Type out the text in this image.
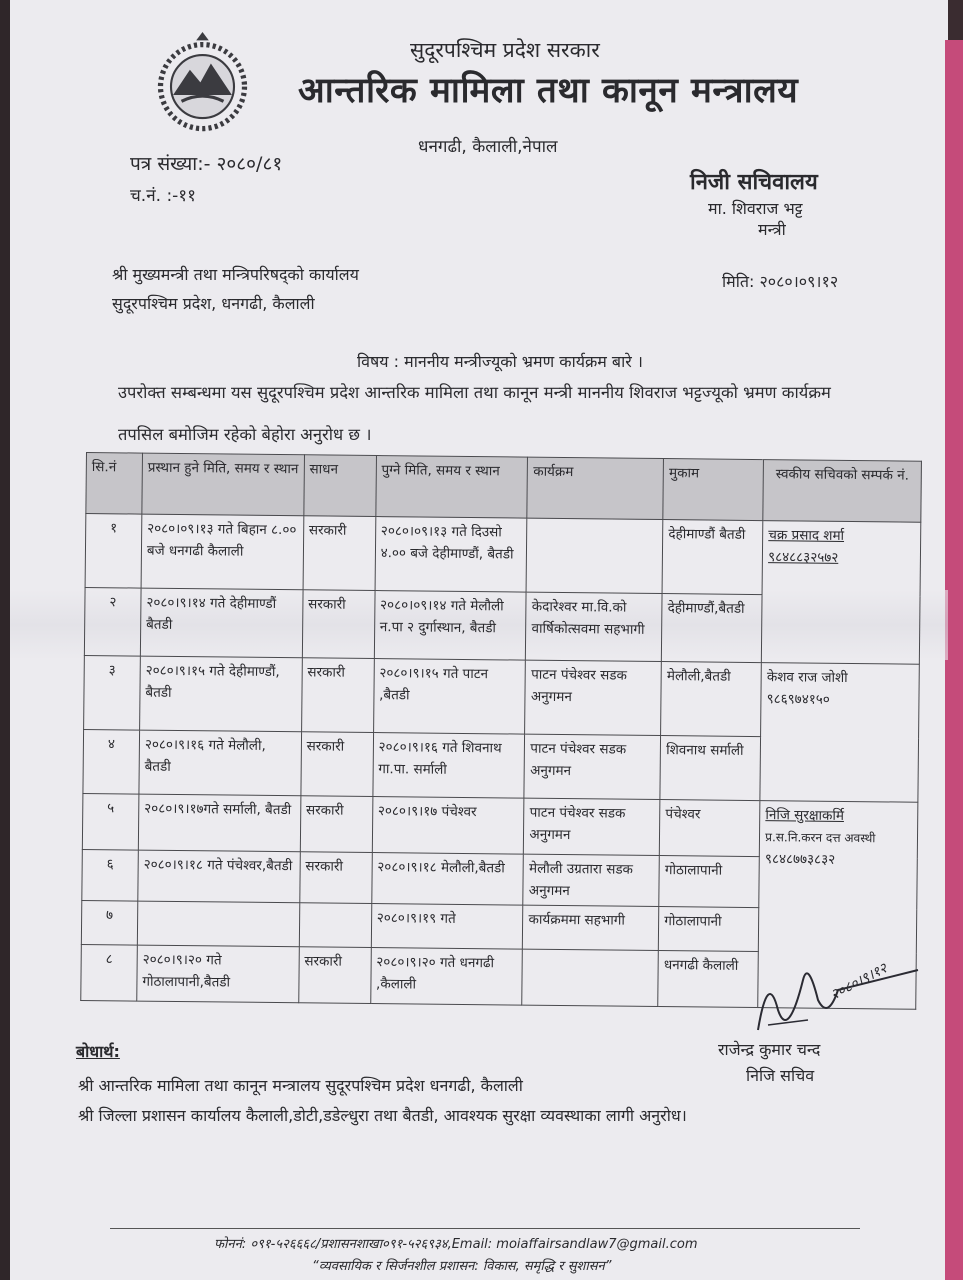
सुदूरपश्चिम प्रदेश सरकार
आन्तरिक मामिला तथा कानून मन्त्रालय
धनगढी, कैलाली,नेपाल
पत्र संख्या:- २०८०/८१
च.नं. :-११
निजी सचिवालय
मा. शिवराज भट्ट
मन्त्री
श्री मुख्यमन्त्री तथा मन्त्रिपरिषद्को कार्यालय
सुदूरपश्चिम प्रदेश, धनगढी, कैलाली
मिति: २०८०।०९।१२
विषय : माननीय मन्त्रीज्यूको भ्रमण कार्यक्रम बारे ।
उपरोक्त सम्बन्धमा यस सुदूरपश्चिम प्रदेश आन्तरिक मामिला तथा कानून मन्त्री माननीय शिवराज भट्टज्यूको भ्रमण कार्यक्रम
तपसिल बमोजिम रहेको बेहोरा अनुरोध छ ।
सि.नं	प्रस्थान हुने मिति, समय र स्थान	साधन	पुग्ने मिति, समय र स्थान	कार्यक्रम	मुकाम	स्वकीय सचिवको सम्पर्क नं.
१	२०८०।०९।१३ गते बिहान ८.०० बजे धनगढी कैलाली	सरकारी	२०८०।०९।१३ गते दिउसो ४.०० बजे देहीमाण्डौं, बैतडी		देहीमाण्डौं बैतडी	चक्र प्रसाद शर्मा
९८४८८३२५७२

२	२०८०।९।१४ गते देहीमाण्डौं बैतडी	सरकारी	२०८०।०९।१४ गते मेलौली न.पा २ दुर्गास्थान, बैतडी	केदारेश्वर मा.वि.को वार्षिकोत्सवमा सहभागी	देहीमाण्डौं,बैतडी	
३	२०८०।९।१५ गते देहीमाण्डौं, बैतडी	सरकारी	२०८०।९।१५ गते पाटन ,बैतडी	पाटन पंचेश्वर सडक अनुगमन	मेलौली,बैतडी	केशव राज जोशी
९८६९७४१५०

४	२०८०।९।१६ गते मेलौली, बैतडी	सरकारी	२०८०।९।१६ गते शिवनाथ गा.पा. सर्माली	पाटन पंचेश्वर सडक अनुगमन	शिवनाथ सर्माली	
५	२०८०।९।१७गते सर्माली, बैतडी	सरकारी	२०८०।९।१७ पंचेश्वर	पाटन पंचेश्वर सडक अनुगमन	पंचेश्वर	निजि सुरक्षाकर्मि
प्र.स.नि.करन दत्त अवस्थी
९८४८७७३८३२

६	२०८०।९।१८ गते पंचेश्वर,बैतडी	सरकारी	२०८०।९।१८ मेलौली,बैतडी	मेलौली उग्रतारा सडक अनुगमन	गोठालापानी	
७			२०८०।९।१९ गते	कार्यक्रममा सहभागी	गोठालापानी	
८	२०८०।९।२० गते गोठालापानी,बैतडी	सरकारी	२०८०।९।२० गते धनगढी ,कैलाली		धनगढी कैलाली		२०८०।९।१२
राजेन्द्र कुमार चन्द
निजि सचिव
बोधार्थ:
श्री आन्तरिक मामिला तथा कानून मन्त्रालय सुदूरपश्चिम प्रदेश धनगढी, कैलाली
श्री जिल्ला प्रशासन कार्यालय कैलाली,डोटी,डडेल्धुरा तथा बैतडी, आवश्यक सुरक्षा व्यवस्थाका लागी अनुरोध।
फोननं: ०९१-५२६६६८/प्रशासनशाखा०९१-५२६९३४,Email: moiaffairsandlaw7@gmail.com
“व्यवसायिक र सिर्जनशील प्रशासन: विकास, समृद्धि र सुशासन”
